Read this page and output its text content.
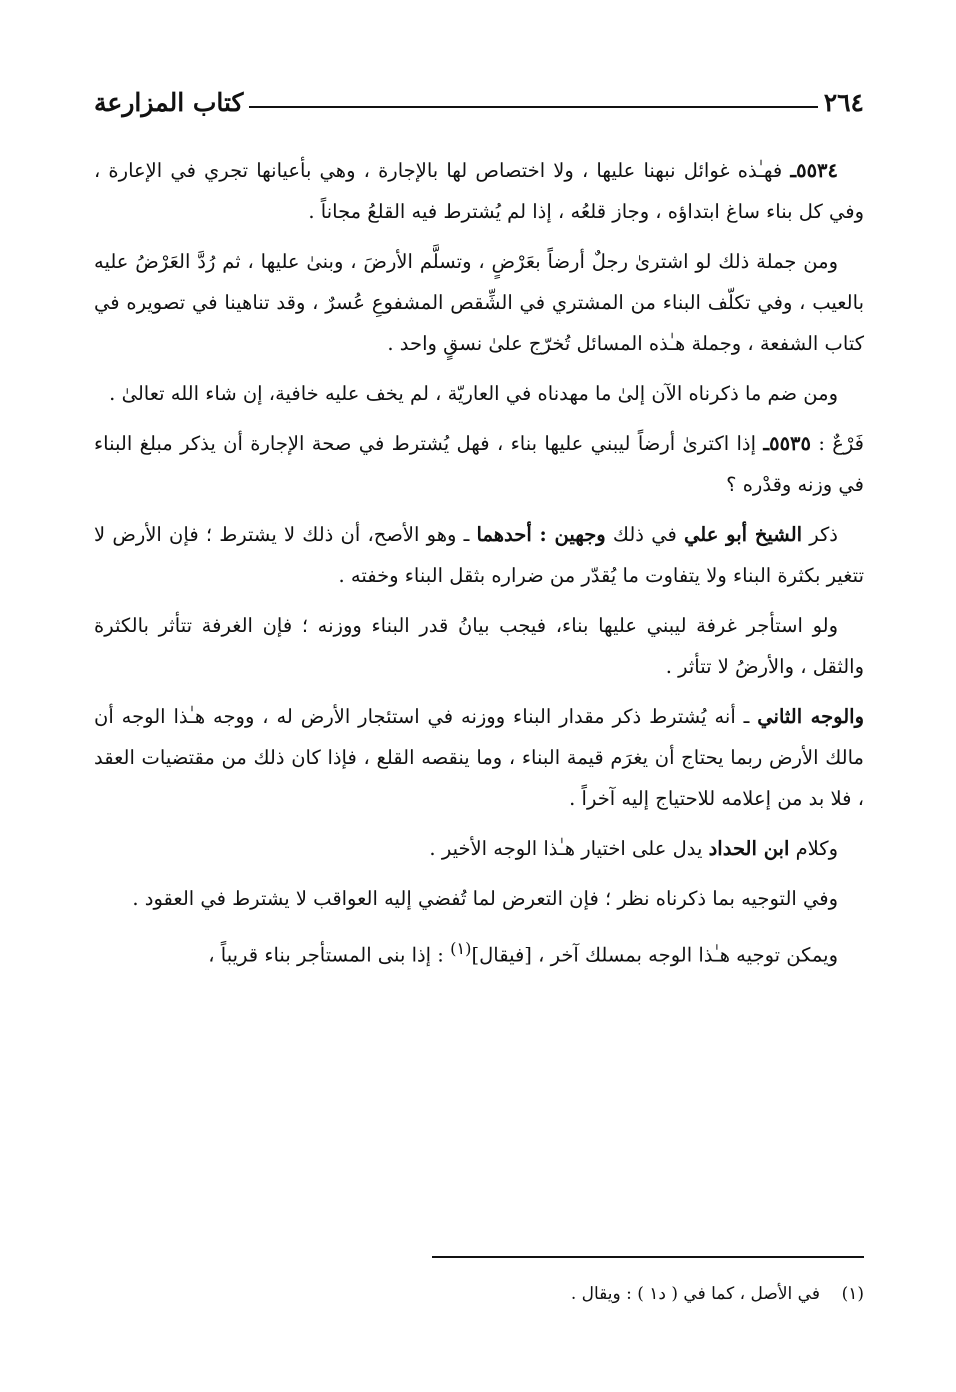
٢٦٤
كتاب المزارعة

٥٥٣٤ـ فهـٰذه غوائل نبهنا عليها ، ولا اختصاص لها بالإجارة ، وهي بأعيانها تجري في الإعارة ، وفي كل بناء ساغ ابتداؤه ، وجاز قلعُه ، إذا لم يُشترط فيه القلعُ مجاناً .

ومن جملة ذلك لو اشترىٰ رجلٌ أرضاً بعَرْضٍ ، وتسلَّم الأرضَ ، وبنىٰ عليها ، ثم رُدَّ العَرْضُ عليه بالعيب ، وفي تكلّف البناء من المشتري في الشِّقص المشفوعِ عُسرٌ ، وقد تناهينا في تصويره في كتاب الشفعة ، وجملة هـٰذه المسائل تُخرّج علىٰ نسقٍ واحد .

ومن ضم ما ذكرناه الآن إلىٰ ما مهدناه في العاريّة ، لم يخف عليه خافية، إن شاء الله تعالىٰ .

فَرْعٌ : ٥٥٣٥ـ إذا اكترىٰ أرضاً ليبني عليها بناء ، فهل يُشترط في صحة الإجارة أن يذكر مبلغ البناء في وزنه وقدْره ؟

ذكر الشيخ أبو علي في ذلك وجهين : أحدهما ـ وهو الأصح، أن ذلك لا يشترط ؛ فإن الأرض لا تتغير بكثرة البناء ولا يتفاوت ما يُقدّر من ضراره بثقل البناء وخفته .

ولو استأجر غرفة ليبني عليها بناء، فيجب بيانُ قدر البناء ووزنه ؛ فإن الغرفة تتأثر بالكثرة والثقل ، والأرضُ لا تتأثر .

والوجه الثاني ـ أنه يُشترط ذكر مقدار البناء ووزنه في استئجار الأرض له ، ووجه هـٰذا الوجه أن مالك الأرض ربما يحتاج أن يغرَم قيمة البناء ، وما ينقصه القلع ، فإذا كان ذلك من مقتضيات العقد ، فلا بد من إعلامه للاحتياج إليه آخراً .

وكلام ابن الحداد يدل على اختيار هـٰذا الوجه الأخير .

وفي التوجيه بما ذكرناه نظر ؛ فإن التعرض لما تُفضي إليه العواقب لا يشترط في العقود .

ويمكن توجيه هـٰذا الوجه بمسلك آخر ، [فيقال]$^{(١)}$ : إذا بنى المستأجر بناء قريباً ،

(١)    في الأصل ، كما في ( د١ ) : ويقال .
